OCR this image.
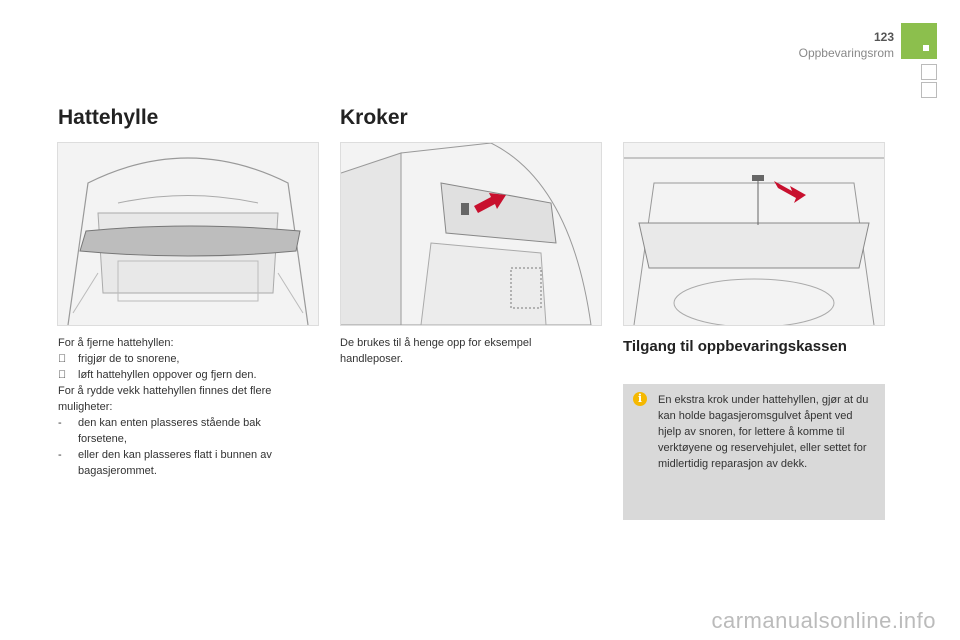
123
Oppbevaringsrom
Hattehylle

For å fjerne hattehyllen:

frigjør de to snorene,

løft hattehyllen oppover og fjern den.

For å rydde vekk hattehyllen finnes det flere muligheter:

- den kan enten plasseres stående bak forsetene,

- eller den kan plasseres flatt i bunnen av bagasjerommet.

Kroker
De brukes til å henge opp for eksempel handleposer.
Tilgang til oppbevaringskassen
i	En ekstra krok under hattehyllen, gjør at du kan holde bagasjeromsgulvet åpent ved hjelp av snoren, for lettere å komme til verktøyene og reservehjulet, eller settet for midlertidig reparasjon av dekk.
carmanualsonline.info
